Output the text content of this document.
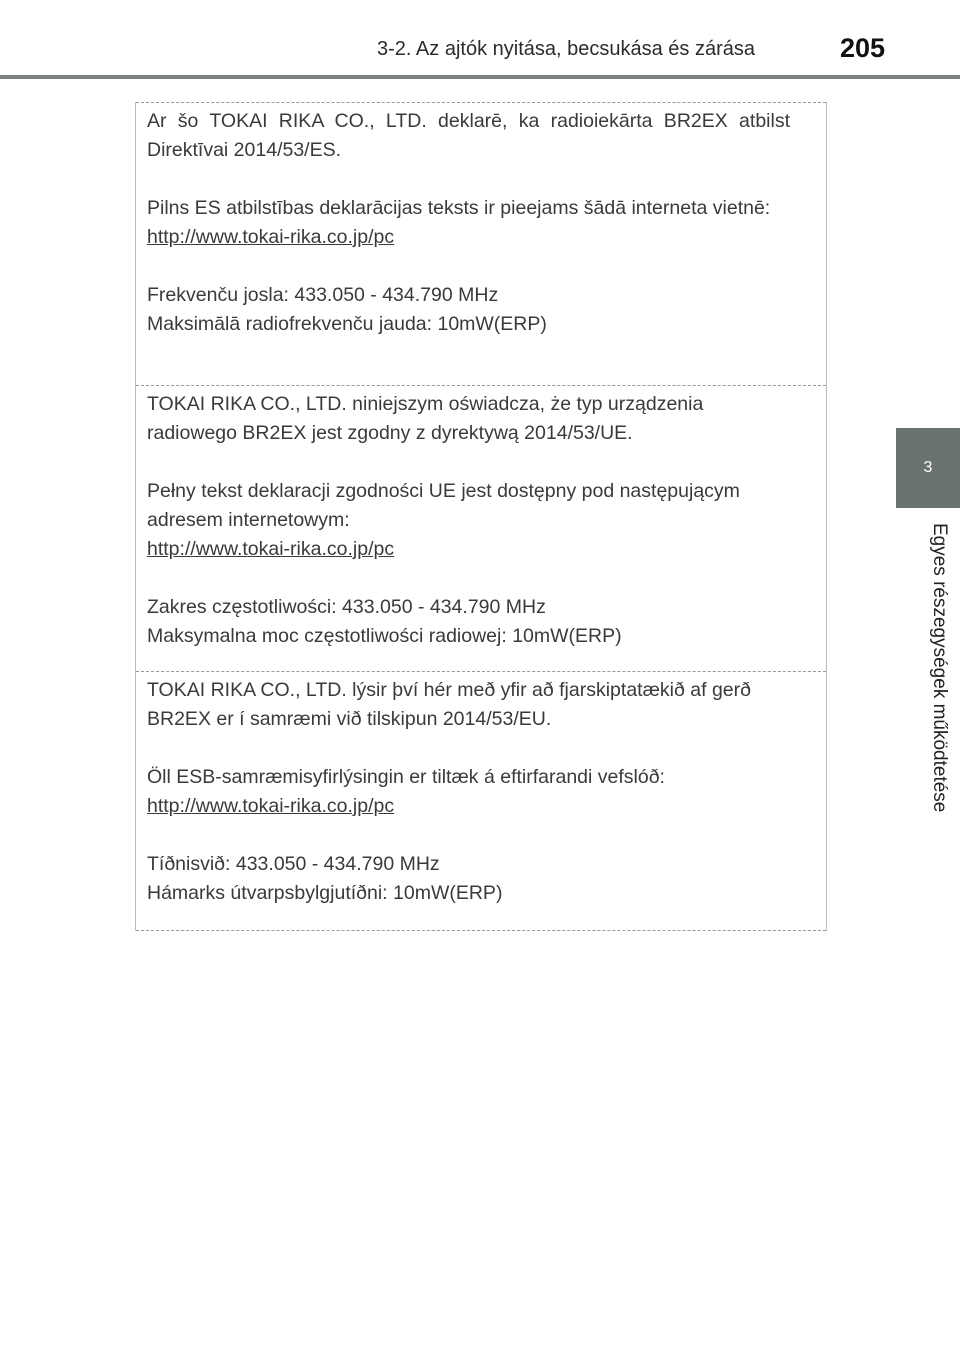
3-2. Az ajtók nyitása, becsukása és zárása	205
3
Egyes részegységek működtetése

Ar šo TOKAI RIKA CO., LTD. deklarē, ka radioiekārta BR2EX atbilst Direktīvai 2014/53/ES.

Pilns ES atbilstības deklarācijas teksts ir pieejams šādā interneta vietnē:

http://www.tokai-rika.co.jp/pc

Frekvenču josla: 433.050 - 434.790 MHz

Maksimālā radiofrekvenču jauda: 10mW(ERP)

TOKAI RIKA CO., LTD. niniejszym oświadcza, że typ urządzenia radiowego BR2EX jest zgodny z dyrektywą 2014/53/UE.

Pełny tekst deklaracji zgodności UE jest dostępny pod następującym adresem internetowym:

http://www.tokai-rika.co.jp/pc

Zakres częstotliwości: 433.050 - 434.790 MHz

Maksymalna moc częstotliwości radiowej: 10mW(ERP)

TOKAI RIKA CO., LTD. lýsir því hér með yfir að fjarskiptatækið af gerð BR2EX er í samræmi við tilskipun 2014/53/EU.

Öll ESB-samræmisyfirlýsingin er tiltæk á eftirfarandi vefslóð:

http://www.tokai-rika.co.jp/pc

Tíðnisvið: 433.050 - 434.790 MHz

Hámarks útvarpsbylgjutíðni: 10mW(ERP)
